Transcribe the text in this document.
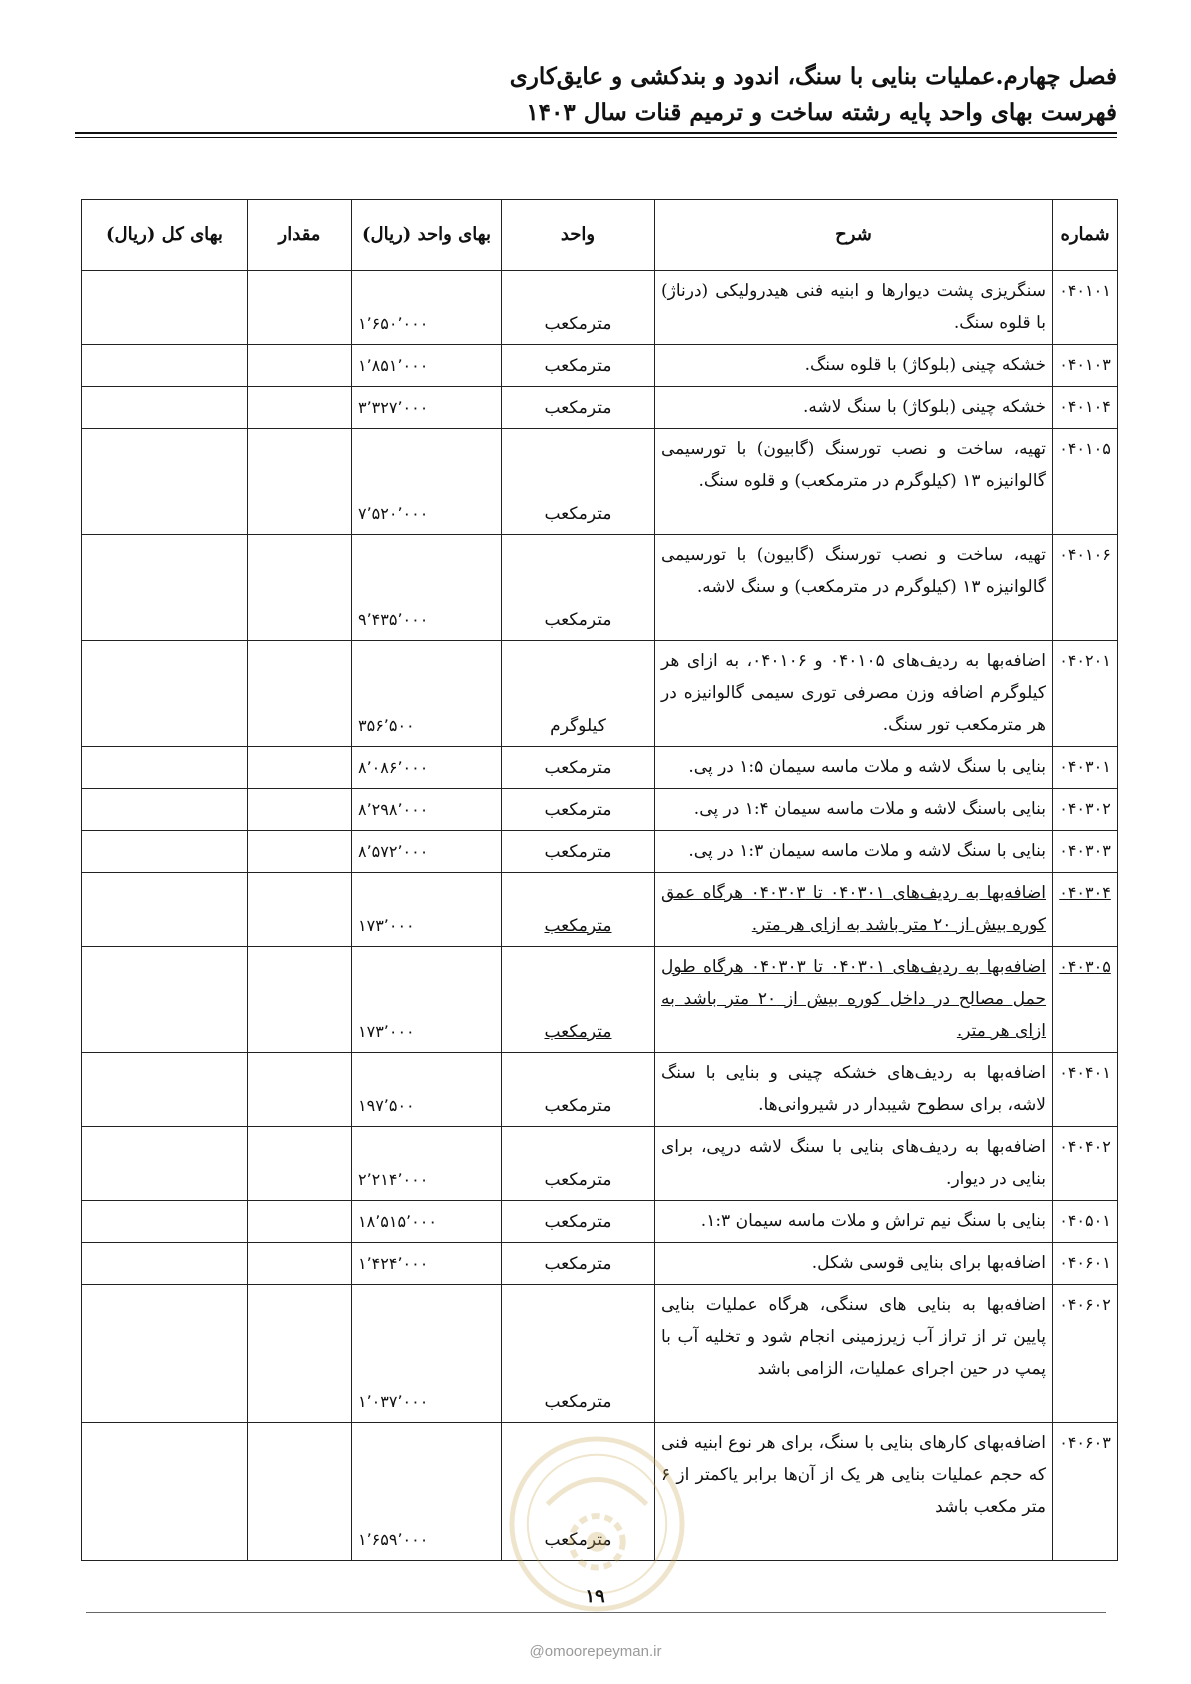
فصل چهارم.عملیات بنایی با سنگ، اندود و بندکشی و عایق‌کاری
فهرست بهای واحد پایه رشته ساخت و ترمیم قنات سال ۱۴۰۳
شماره	شرح	واحد	بهای واحد (ریال)	مقدار	بهای کل (ریال)
۰۴۰۱۰۱	سنگریزی پشت دیوارها و ابنیه فنی هیدرولیکی (درناژ) با قلوه سنگ.	مترمکعب	۱٬۶۵۰٬۰۰۰		
۰۴۰۱۰۳	خشکه چینی (بلوکاژ) با قلوه سنگ.	مترمکعب	۱٬۸۵۱٬۰۰۰		
۰۴۰۱۰۴	خشکه چینی (بلوکاژ) با سنگ لاشه.	مترمکعب	۳٬۳۲۷٬۰۰۰		
۰۴۰۱۰۵	تهیه، ساخت و نصب تورسنگ (گابیون) با تورسیمی گالوانیزه ۱۳ (کیلوگرم در مترمکعب) و قلوه سنگ.	مترمکعب	۷٬۵۲۰٬۰۰۰		
۰۴۰۱۰۶	تهیه، ساخت و نصب تورسنگ (گابیون) با تورسیمی گالوانیزه ۱۳ (کیلوگرم در مترمکعب) و سنگ لاشه.	مترمکعب	۹٬۴۳۵٬۰۰۰		
۰۴۰۲۰۱	اضافه‌بها به ردیف‌های ۰۴۰۱۰۵ و ۰۴۰۱۰۶، به ازای هر کیلوگرم اضافه وزن مصرفی توری سیمی گالوانیزه در هر مترمکعب تور سنگ.	کیلوگرم	۳۵۶٬۵۰۰		
۰۴۰۳۰۱	بنایی با سنگ لاشه و ملات ماسه سیمان ۱:۵ در پی.	مترمکعب	۸٬۰۸۶٬۰۰۰		
۰۴۰۳۰۲	بنایی باسنگ لاشه و ملات ماسه سیمان ۱:۴ در پی.	مترمکعب	۸٬۲۹۸٬۰۰۰		
۰۴۰۳۰۳	بنایی با سنگ لاشه و ملات ماسه سیمان ۱:۳ در پی.	مترمکعب	۸٬۵۷۲٬۰۰۰		
۰۴۰۳۰۴	اضافه‌بها به ردیف‌های ۰۴۰۳۰۱ تا ۰۴۰۳۰۳ هرگاه عمق کوره بیش از ۲۰ متر باشد به ازای هر متر.	مترمکعب	۱۷۳٬۰۰۰		
۰۴۰۳۰۵	اضافه‌بها به ردیف‌های ۰۴۰۳۰۱ تا ۰۴۰۳۰۳ هرگاه طول حمل مصالح در داخل کوره بیش از ۲۰ متر باشد به ازای هر متر.	مترمکعب	۱۷۳٬۰۰۰		
۰۴۰۴۰۱	اضافه‌بها به ردیف‌های خشکه چینی و بنایی با سنگ لاشه، برای سطوح شیبدار در شیروانی‌ها.	مترمکعب	۱۹۷٬۵۰۰		
۰۴۰۴۰۲	اضافه‌بها به ردیف‌های بنایی با سنگ لاشه درپی، برای بنایی در دیوار.	مترمکعب	۲٬۲۱۴٬۰۰۰		
۰۴۰۵۰۱	بنایی با سنگ نیم تراش و ملات ماسه سیمان ۱:۳.	مترمکعب	۱۸٬۵۱۵٬۰۰۰		
۰۴۰۶۰۱	اضافه‌بها برای بنایی قوسی شکل.	مترمکعب	۱٬۴۲۴٬۰۰۰		
۰۴۰۶۰۲	اضافه‌بها به بنایی های سنگی، هرگاه عملیات بنایی پایین تر از تراز آب زیرزمینی انجام شود و تخلیه آب با پمپ در حین اجرای عملیات، الزامی باشد	مترمکعب	۱٬۰۳۷٬۰۰۰		
۰۴۰۶۰۳	اضافه‌بهای کارهای بنایی با سنگ، برای هر نوع ابنیه فنی که حجم عملیات بنایی هر یک از آن‌ها برابر یاکمتر از ۶ متر مکعب باشد	مترمکعب	۱٬۶۵۹٬۰۰۰		
۱۹
@omoorepeyman.ir
